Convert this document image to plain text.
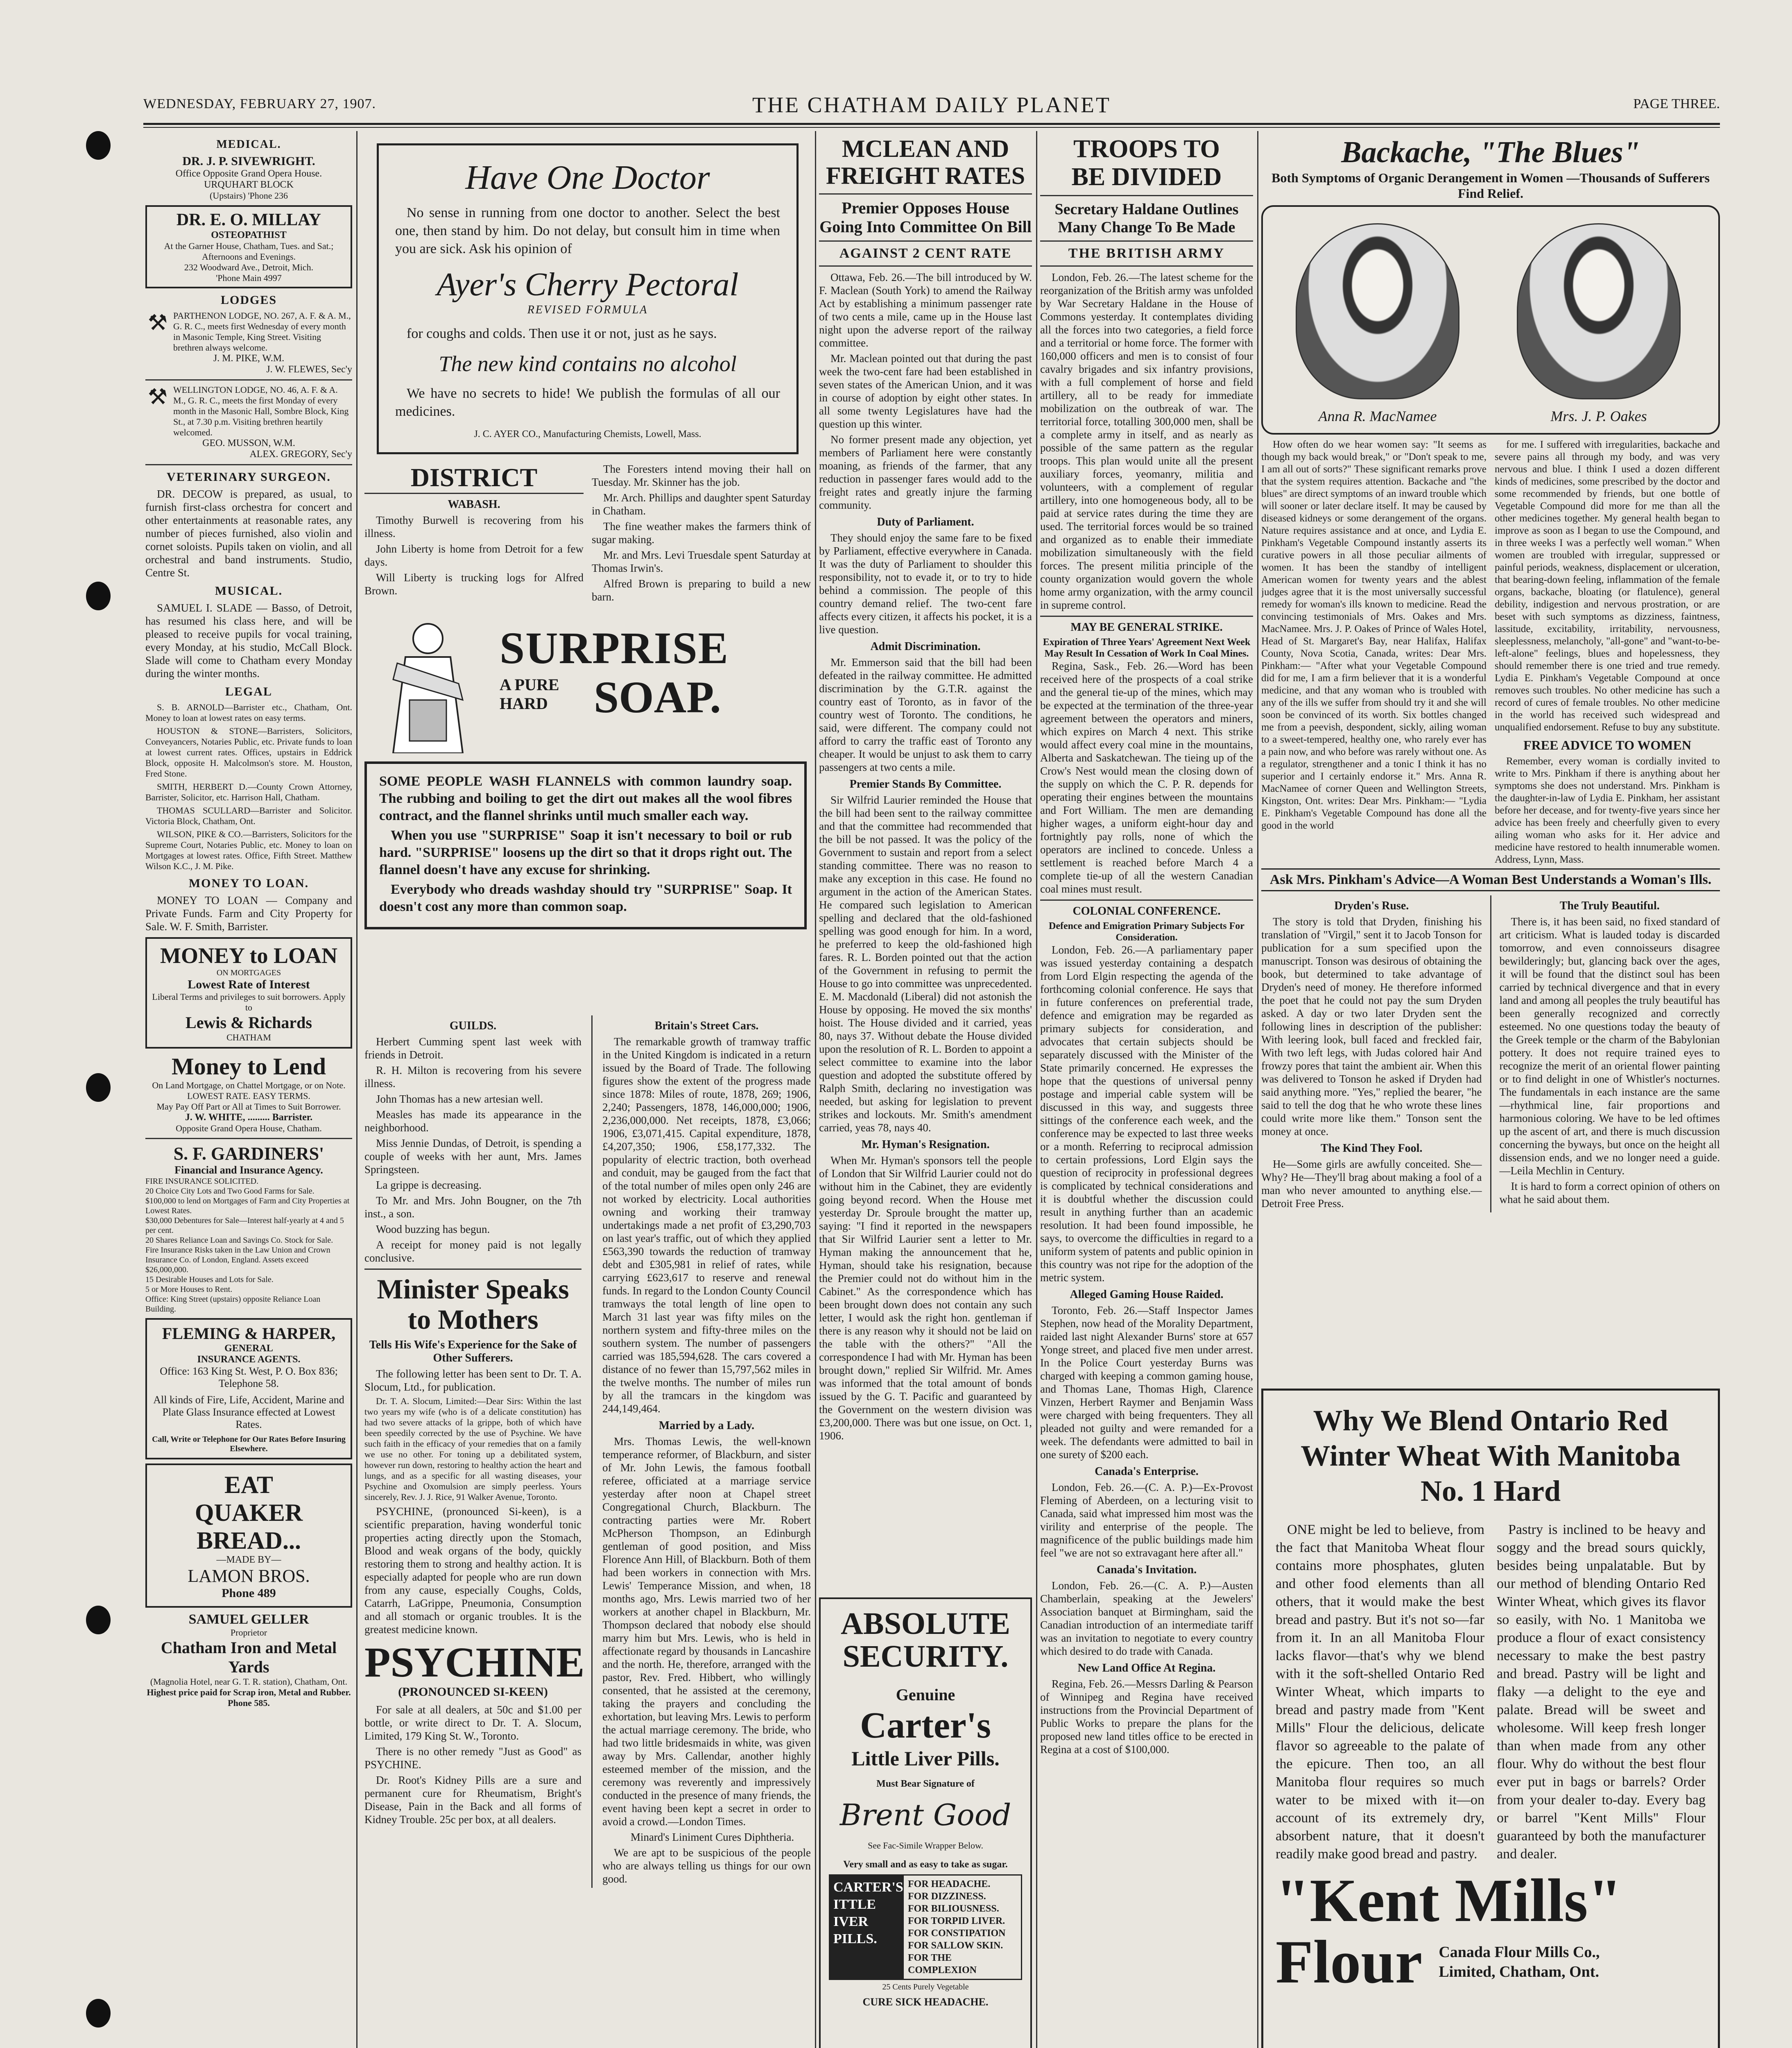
WEDNESDAY, FEBRUARY 27, 1907.	THE CHATHAM DAILY PLANET	PAGE THREE.
MEDICAL.
DR. J. P. SIVEWRIGHT.
Office Opposite Grand Opera House.
URQUHART BLOCK
(Upstairs) 'Phone 236
DR. E. O. MILLAY
OSTEOPATHIST
At the Garner House, Chatham, Tues. and Sat.; Afternoons and Evenings.
232 Woodward Ave., Detroit, Mich.
'Phone Main 4997
LODGES
⚒ PARTHENON LODGE, NO. 267, A. F. & A. M., G. R. C., meets first Wednesday of every month in Masonic Temple, King Street. Visiting brethren always welcome.
J. M. PIKE, W.M.
J. W. FLEWES, Sec'y
⚒ WELLINGTON LODGE, NO. 46, A. F. & A. M., G. R. C., meets the first Monday of every month in the Masonic Hall, Sombre Block, King St., at 7.30 p.m. Visiting brethren heartily welcomed.
GEO. MUSSON, W.M.
ALEX. GREGORY, Sec'y
VETERINARY SURGEON.

DR. DECOW is prepared, as usual, to furnish first-class orchestra for concert and other entertainments at reasonable rates, any number of pieces furnished, also violin and cornet soloists. Pupils taken on violin, and all orchestral and band instruments. Studio, Centre St.

MUSICAL.

SAMUEL I. SLADE — Basso, of Detroit, has resumed his class here, and will be pleased to receive pupils for vocal training, every Monday, at his studio, McCall Block. Slade will come to Chatham every Monday during the winter months.

LEGAL

S. B. ARNOLD—Barrister etc., Chatham, Ont. Money to loan at lowest rates on easy terms.

HOUSTON & STONE—Barristers, Solicitors, Conveyancers, Notaries Public, etc. Private funds to loan at lowest current rates. Offices, upstairs in Eddrick Block, opposite H. Malcolmson's store. M. Houston, Fred Stone.

SMITH, HERBERT D.—County Crown Attorney, Barrister, Solicitor, etc. Harrison Hall, Chatham.

THOMAS SCULLARD—Barrister and Solicitor. Victoria Block, Chatham, Ont.

WILSON, PIKE & CO.—Barristers, Solicitors for the Supreme Court, Notaries Public, etc. Money to loan on Mortgages at lowest rates. Office, Fifth Street. Matthew Wilson K.C., J. M. Pike.

MONEY TO LOAN.

MONEY TO LOAN — Company and Private Funds. Farm and City Property for Sale. W. F. Smith, Barrister.

MONEY to LOAN
ON MORTGAGES
Lowest Rate of Interest
Liberal Terms and privileges to suit borrowers. Apply to
Lewis & Richards
CHATHAM
Money to Lend
On Land Mortgage, on Chattel Mortgage, or on Note.
LOWEST RATE. EASY TERMS.
May Pay Off Part or All at Times to Suit Borrower.
J. W. WHITE, ......... Barrister.
Opposite Grand Opera House, Chatham.
S. F. GARDINERS'
Financial and Insurance Agency.
FIRE INSURANCE SOLICITED.
20 Choice City Lots and Two Good Farms for Sale.
$100,000 to lend on Mortgages of Farm and City Properties at Lowest Rates.
$30,000 Debentures for Sale—Interest half-yearly at 4 and 5 per cent.
20 Shares Reliance Loan and Savings Co. Stock for Sale.
Fire Insurance Risks taken in the Law Union and Crown Insurance Co. of London, England. Assets exceed $26,000,000.
15 Desirable Houses and Lots for Sale.
5 or More Houses to Rent.
Office: King Street (upstairs) opposite Reliance Loan Building.
FLEMING & HARPER,
GENERAL
INSURANCE AGENTS.
Office: 163 King St. West, P. O. Box 836; Telephone 58.
All kinds of Fire, Life, Accident, Marine and Plate Glass Insurance effected at Lowest Rates.
Call, Write or Telephone for Our Rates Before Insuring Elsewhere.
EAT
QUAKER
BREAD...
—MADE BY—
LAMON BROS.
Phone 489
SAMUEL GELLER
Proprietor
Chatham Iron and Metal Yards
(Magnolia Hotel, near G. T. R. station), Chatham, Ont.
Highest price paid for Scrap iron, Metal and Rubber. Phone 585.
Have One Doctor

No sense in running from one doctor to another. Select the best one, then stand by him. Do not delay, but consult him in time when you are sick. Ask his opinion of

Ayer's Cherry Pectoral
REVISED FORMULA

for coughs and colds. Then use it or not, just as he says.

The new kind contains no alcohol

We have no secrets to hide! We publish the formulas of all our medicines.

J. C. AYER CO., Manufacturing Chemists, Lowell, Mass.
DISTRICT
WABASH.

Timothy Burwell is recovering from his illness.

John Liberty is home from Detroit for a few days.

Will Liberty is trucking logs for Alfred Brown.

The Foresters intend moving their hall on Tuesday. Mr. Skinner has the job.

Mr. Arch. Phillips and daughter spent Saturday in Chatham.

The fine weather makes the farmers think of sugar making.

Mr. and Mrs. Levi Truesdale spent Saturday at Thomas Irwin's.

Alfred Brown is preparing to build a new barn.

SURPRISE
A PURE
HARD SOAP.

SOME PEOPLE WASH FLANNELS with common laundry soap. The rubbing and boiling to get the dirt out makes all the wool fibres contract, and the flannel shrinks until much smaller each way.

When you use "SURPRISE" Soap it isn't necessary to boil or rub hard. "SURPRISE" loosens up the dirt so that it drops right out. The flannel doesn't have any excuse for shrinking.

Everybody who dreads washday should try "SURPRISE" Soap. It doesn't cost any more than common soap.

GUILDS.

Herbert Cumming spent last week with friends in Detroit.

R. H. Milton is recovering from his severe illness.

John Thomas has a new artesian well.

Measles has made its appearance in the neighborhood.

Miss Jennie Dundas, of Detroit, is spending a couple of weeks with her aunt, Mrs. James Springsteen.

La grippe is decreasing.

To Mr. and Mrs. John Bougner, on the 7th inst., a son.

Wood buzzing has begun.

A receipt for money paid is not legally conclusive.

Minister Speaks to Mothers
Tells His Wife's Experience for the Sake of Other Sufferers.

The following letter has been sent to Dr. T. A. Slocum, Ltd., for publication.

Dr. T. A. Slocum, Limited:—Dear Sirs: Within the last two years my wife (who is of a delicate constitution) has had two severe attacks of la grippe, both of which have been speedily corrected by the use of Psychine. We have such faith in the efficacy of your remedies that on a family we use no other. For toning up a debilitated system, however run down, restoring to healthy action the heart and lungs, and as a specific for all wasting diseases, your Psychine and Oxomulsion are simply peerless. Yours sincerely, Rev. J. J. Rice, 91 Walker Avenue, Toronto.

PSYCHINE, (pronounced Si-keen), is a scientific preparation, having wonderful tonic properties acting directly upon the Stomach, Blood and weak organs of the body, quickly restoring them to strong and healthy action. It is especially adapted for people who are run down from any cause, especially Coughs, Colds, Catarrh, LaGrippe, Pneumonia, Consumption and all stomach or organic troubles. It is the greatest medicine known.

PSYCHINE
(PRONOUNCED SI-KEEN)

For sale at all dealers, at 50c and $1.00 per bottle, or write direct to Dr. T. A. Slocum, Limited, 179 King St. W., Toronto.

There is no other remedy "Just as Good" as PSYCHINE.

Dr. Root's Kidney Pills are a sure and permanent cure for Rheumatism, Bright's Disease, Pain in the Back and all forms of Kidney Trouble. 25c per box, at all dealers.

Britain's Street Cars.

The remarkable growth of tramway traffic in the United Kingdom is indicated in a return issued by the Board of Trade. The following figures show the extent of the progress made since 1878: Miles of route, 1878, 269; 1906, 2,240; Passengers, 1878, 146,000,000; 1906, 2,236,000,000. Net receipts, 1878, £3,066; 1906, £3,071,415. Capital expenditure, 1878, £4,207,350; 1906, £58,177,332. The popularity of electric traction, both overhead and conduit, may be gauged from the fact that of the total number of miles open only 246 are not worked by electricity. Local authorities owning and working their tramway undertakings made a net profit of £3,290,703 on last year's traffic, out of which they applied £563,390 towards the reduction of tramway debt and £305,981 in relief of rates, while carrying £623,617 to reserve and renewal funds. In regard to the London County Council tramways the total length of line open to March 31 last year was fifty miles on the northern system and fifty-three miles on the southern system. The number of passengers carried was 185,594,628. The cars covered a distance of no fewer than 15,797,562 miles in the twelve months. The number of miles run by all the tramcars in the kingdom was 244,149,464.

Married by a Lady.

Mrs. Thomas Lewis, the well-known temperance reformer, of Blackburn, and sister of Mr. John Lewis, the famous football referee, officiated at a marriage service yesterday after noon at Chapel street Congregational Church, Blackburn. The contracting parties were Mr. Robert McPherson Thompson, an Edinburgh gentleman of good position, and Miss Florence Ann Hill, of Blackburn. Both of them had been workers in connection with Mrs. Lewis' Temperance Mission, and when, 18 months ago, Mrs. Lewis married two of her workers at another chapel in Blackburn, Mr. Thompson declared that nobody else should marry him but Mrs. Lewis, who is held in affectionate regard by thousands in Lancashire and the north. He, therefore, arranged with the pastor, Rev. Fred. Hibbert, who willingly consented, that he assisted at the ceremony, taking the prayers and concluding the exhortation, but leaving Mrs. Lewis to perform the actual marriage ceremony. The bride, who had two little bridesmaids in white, was given away by Mrs. Callendar, another highly esteemed member of the mission, and the ceremony was reverently and impressively conducted in the presence of many friends, the event having been kept a secret in order to avoid a crowd.—London Times.

Minard's Liniment Cures Diphtheria.

We are apt to be suspicious of the people who are always telling us things for our own good.

MCLEAN AND
FREIGHT RATES
Premier Opposes House Going Into Committee On Bill
AGAINST 2 CENT RATE

Ottawa, Feb. 26.—The bill introduced by W. F. Maclean (South York) to amend the Railway Act by establishing a minimum passenger rate of two cents a mile, came up in the House last night upon the adverse report of the railway committee.

Mr. Maclean pointed out that during the past week the two-cent fare had been established in seven states of the American Union, and it was in course of adoption by eight other states. In all some twenty Legislatures have had the question up this winter.

No former present made any objection, yet members of Parliament here were constantly moaning, as friends of the farmer, that any reduction in passenger fares would add to the freight rates and greatly injure the farming community.

Duty of Parliament.

They should enjoy the same fare to be fixed by Parliament, effective everywhere in Canada. It was the duty of Parliament to shoulder this responsibility, not to evade it, or to try to hide behind a commission. The people of this country demand relief. The two-cent fare affects every citizen, it affects his pocket, it is a live question.

Admit Discrimination.

Mr. Emmerson said that the bill had been defeated in the railway committee. He admitted discrimination by the G.T.R. against the country east of Toronto, as in favor of the country west of Toronto. The conditions, he said, were different. The company could not afford to carry the traffic east of Toronto any cheaper. It would be unjust to ask them to carry passengers at two cents a mile.

Premier Stands By Committee.

Sir Wilfrid Laurier reminded the House that the bill had been sent to the railway committee and that the committee had recommended that the bill be not passed. It was the policy of the Government to sustain and report from a select standing committee. There was no reason to make any exception in this case. He found no argument in the action of the American States. He compared such legislation to American spelling and declared that the old-fashioned spelling was good enough for him. In a word, he preferred to keep the old-fashioned high fares. R. L. Borden pointed out that the action of the Government in refusing to permit the House to go into committee was unprecedented. E. M. Macdonald (Liberal) did not astonish the House by opposing. He moved the six months' hoist. The House divided and it carried, yeas 80, nays 37. Without debate the House divided upon the resolution of R. L. Borden to appoint a select committee to examine into the labor question and adopted the substitute offered by Ralph Smith, declaring no investigation was needed, but asking for legislation to prevent strikes and lockouts. Mr. Smith's amendment carried, yeas 78, nays 40.

Mr. Hyman's Resignation.

When Mr. Hyman's sponsors tell the people of London that Sir Wilfrid Laurier could not do without him in the Cabinet, they are evidently going beyond record. When the House met yesterday Dr. Sproule brought the matter up, saying: "I find it reported in the newspapers that Sir Wilfrid Laurier sent a letter to Mr. Hyman making the announcement that he, Hyman, should take his resignation, because the Premier could not do without him in the Cabinet." As the correspondence which has been brought down does not contain any such letter, I would ask the right hon. gentleman if there is any reason why it should not be laid on the table with the others?" "All the correspondence I had with Mr. Hyman has been brought down," replied Sir Wilfrid. Mr. Ames was informed that the total amount of bonds issued by the G. T. Pacific and guaranteed by the Government on the western division was £3,200,000. There was but one issue, on Oct. 1, 1906.

ABSOLUTE
SECURITY.
Genuine
Carter's
Little Liver Pills.
Must Bear Signature of
Brent Good
See Fac-Simile Wrapper Below.
Very small and as easy to take as sugar.
CARTER'S
ITTLE
IVER
PILLS.
FOR HEADACHE.
FOR DIZZINESS.
FOR BILIOUSNESS.
FOR TORPID LIVER.
FOR CONSTIPATION
FOR SALLOW SKIN.
FOR THE COMPLEXION
25 Cents Purely Vegetable
CURE SICK HEADACHE.
TROOPS TO
BE DIVIDED
Secretary Haldane Outlines Many Change To Be Made
THE BRITISH ARMY

London, Feb. 26.—The latest scheme for the reorganization of the British army was unfolded by War Secretary Haldane in the House of Commons yesterday. It contemplates dividing all the forces into two categories, a field force and a territorial or home force. The former with 160,000 officers and men is to consist of four cavalry brigades and six infantry provisions, with a full complement of horse and field artillery, all to be ready for immediate mobilization on the outbreak of war. The territorial force, totalling 300,000 men, shall be a complete army in itself, and as nearly as possible of the same pattern as the regular troops. This plan would unite all the present auxiliary forces, yeomanry, militia and volunteers, with a complement of regular artillery, into one homogeneous body, all to be paid at service rates during the time they are used. The territorial forces would be so trained and organized as to enable their immediate mobilization simultaneously with the field forces. The present militia principle of the county organization would govern the whole home army organization, with the army council in supreme control.

MAY BE GENERAL STRIKE.
Expiration of Three Years' Agreement Next Week May Result In Cessation of Work In Coal Mines.

Regina, Sask., Feb. 26.—Word has been received here of the prospects of a coal strike and the general tie-up of the mines, which may be expected at the termination of the three-year agreement between the operators and miners, which expires on March 4 next. This strike would affect every coal mine in the mountains, Alberta and Saskatchewan. The tieing up of the Crow's Nest would mean the closing down of the supply on which the C. P. R. depends for operating their engines between the mountains and Fort William. The men are demanding higher wages, a uniform eight-hour day and fortnightly pay rolls, none of which the operators are inclined to concede. Unless a settlement is reached before March 4 a complete tie-up of all the western Canadian coal mines must result.

COLONIAL CONFERENCE.
Defence and Emigration Primary Subjects For Consideration.

London, Feb. 26.—A parliamentary paper was issued yesterday containing a despatch from Lord Elgin respecting the agenda of the forthcoming colonial conference. He says that in future conferences on preferential trade, defence and emigration may be regarded as primary subjects for consideration, and advocates that certain subjects should be separately discussed with the Minister of the State primarily concerned. He expresses the hope that the questions of universal penny postage and imperial cable system will be discussed in this way, and suggests three sittings of the conference each week, and the conference may be expected to last three weeks or a month. Referring to reciprocal admission to certain professions, Lord Elgin says the question of reciprocity in professional degrees is complicated by technical considerations and it is doubtful whether the discussion could result in anything further than an academic resolution. It had been found impossible, he says, to overcome the difficulties in regard to a uniform system of patents and public opinion in this country was not ripe for the adoption of the metric system.

Alleged Gaming House Raided.

Toronto, Feb. 26.—Staff Inspector James Stephen, now head of the Morality Department, raided last night Alexander Burns' store at 657 Yonge street, and placed five men under arrest. In the Police Court yesterday Burns was charged with keeping a common gaming house, and Thomas Lane, Thomas High, Clarence Vinzen, Herbert Raymer and Benjamin Wass were charged with being frequenters. They all pleaded not guilty and were remanded for a week. The defendants were admitted to bail in one surety of $200 each.

Canada's Enterprise.

London, Feb. 26.—(C. A. P.)—Ex-Provost Fleming of Aberdeen, on a lecturing visit to Canada, said what impressed him most was the virility and enterprise of the people. The magnificence of the public buildings made him feel "we are not so extravagant here after all."

Canada's Invitation.

London, Feb. 26.—(C. A. P.)—Austen Chamberlain, speaking at the Jewelers' Association banquet at Birmingham, said the Canadian introduction of an intermediate tariff was an invitation to negotiate to every country which desired to do trade with Canada.

New Land Office At Regina.

Regina, Feb. 26.—Messrs Darling & Pearson of Winnipeg and Regina have received instructions from the Provincial Department of Public Works to prepare the plans for the proposed new land titles office to be erected in Regina at a cost of $100,000.

Backache, "The Blues"
Both Symptoms of Organic Derangement in Women —Thousands of Sufferers Find Relief.
Anna R. MacNamee	Mrs. J. P. Oakes

How often do we hear women say: "It seems as though my back would break," or "Don't speak to me, I am all out of sorts?" These significant remarks prove that the system requires attention. Backache and "the blues" are direct symptoms of an inward trouble which will sooner or later declare itself. It may be caused by diseased kidneys or some derangement of the organs. Nature requires assistance and at once, and Lydia E. Pinkham's Vegetable Compound instantly asserts its curative powers in all those peculiar ailments of women. It has been the standby of intelligent American women for twenty years and the ablest judges agree that it is the most universally successful remedy for woman's ills known to medicine. Read the convincing testimonials of Mrs. Oakes and Mrs. MacNamee. Mrs. J. P. Oakes of Prince of Wales Hotel, Head of St. Margaret's Bay, near Halifax, Halifax County, Nova Scotia, Canada, writes: Dear Mrs. Pinkham:— "After what your Vegetable Compound did for me, I am a firm believer that it is a wonderful medicine, and that any woman who is troubled with any of the ills we suffer from should try it and she will soon be convinced of its worth. Six bottles changed me from a peevish, despondent, sickly, ailing woman to a sweet-tempered, healthy one, who rarely ever has a pain now, and who before was rarely without one. As a regulator, strengthener and a tonic I think it has no superior and I certainly endorse it." Mrs. Anna R. MacNamee of corner Queen and Wellington Streets, Kingston, Ont. writes: Dear Mrs. Pinkham:— "Lydia E. Pinkham's Vegetable Compound has done all the good in the world

for me. I suffered with irregularities, backache and severe pains all through my body, and was very nervous and blue. I think I used a dozen different kinds of medicines, some prescribed by the doctor and some recommended by friends, but one bottle of Vegetable Compound did more for me than all the other medicines together. My general health began to improve as soon as I began to use the Compound, and in three weeks I was a perfectly well woman." When women are troubled with irregular, suppressed or painful periods, weakness, displacement or ulceration, that bearing-down feeling, inflammation of the female organs, backache, bloating (or flatulence), general debility, indigestion and nervous prostration, or are beset with such symptoms as dizziness, faintness, lassitude, excitability, irritability, nervousness, sleeplessness, melancholy, "all-gone" and "want-to-be-left-alone" feelings, blues and hopelessness, they should remember there is one tried and true remedy. Lydia E. Pinkham's Vegetable Compound at once removes such troubles. No other medicine has such a record of cures of female troubles. No other medicine in the world has received such widespread and unqualified endorsement. Refuse to buy any substitute.

FREE ADVICE TO WOMEN

Remember, every woman is cordially invited to write to Mrs. Pinkham if there is anything about her symptoms she does not understand. Mrs. Pinkham is the daughter-in-law of Lydia E. Pinkham, her assistant before her decease, and for twenty-five years since her advice has been freely and cheerfully given to every ailing woman who asks for it. Her advice and medicine have restored to health innumerable women. Address, Lynn, Mass.

Ask Mrs. Pinkham's Advice—A Woman Best Understands a Woman's Ills.
Dryden's Ruse.

The story is told that Dryden, finishing his translation of "Virgil," sent it to Jacob Tonson for publication for a sum specified upon the manuscript. Tonson was desirous of obtaining the book, but determined to take advantage of Dryden's need of money. He therefore informed the poet that he could not pay the sum Dryden asked. A day or two later Dryden sent the following lines in description of the publisher: With leering look, bull faced and freckled fair, With two left legs, with Judas colored hair And frowzy pores that taint the ambient air. When this was delivered to Tonson he asked if Dryden had said anything more. "Yes," replied the bearer, "he said to tell the dog that he who wrote these lines could write more like them." Tonson sent the money at once.

The Kind They Fool.

He—Some girls are awfully conceited. She—Why? He—They'll brag about making a fool of a man who never amounted to anything else.—Detroit Free Press.

The Truly Beautiful.

There is, it has been said, no fixed standard of art criticism. What is lauded today is discarded tomorrow, and even connoisseurs disagree bewilderingly; but, glancing back over the ages, it will be found that the distinct soul has been carried by technical divergence and that in every land and among all peoples the truly beautiful has been generally recognized and correctly esteemed. No one questions today the beauty of the Greek temple or the charm of the Babylonian pottery. It does not require trained eyes to recognize the merit of an oriental flower painting or to find delight in one of Whistler's nocturnes. The fundamentals in each instance are the same—rhythmical line, fair proportions and harmonious coloring. We have to be led oftimes up the ascent of art, and there is much discussion concerning the byways, but once on the height all dissension ends, and we no longer need a guide.—Leila Mechlin in Century.

It is hard to form a correct opinion of others on what he said about them.

Why We Blend Ontario Red Winter Wheat With Manitoba No. 1 Hard

ONE might be led to believe, from the fact that Manitoba Wheat flour contains more phosphates, gluten and other food elements than all others, that it would make the best bread and pastry. But it's not so—far from it. In an all Manitoba Flour lacks flavor—that's why we blend with it the soft-shelled Ontario Red Winter Wheat, which imparts to bread and pastry made from "Kent Mills" Flour the delicious, delicate flavor so agreeable to the palate of the epicure. Then too, an all Manitoba flour requires so much water to be mixed with it—on account of its extremely dry, absorbent nature, that it doesn't readily make good bread and pastry.

Pastry is inclined to be heavy and soggy and the bread sours quickly, besides being unpalatable. But by our method of blending Ontario Red Winter Wheat, which gives its flavor so easily, with No. 1 Manitoba we produce a flour of exact consistency necessary to make the best pastry and bread. Pastry will be light and flaky —a delight to the eye and palate. Bread will be sweet and wholesome. Will keep fresh longer than when made from any other flour. Why do without the best flour ever put in bags or barrels? Order from your dealer to-day. Every bag or barrel "Kent Mills" Flour guaranteed by both the manufacturer and dealer.

"Kent Mills"
Flour Canada Flour Mills Co., Limited, Chatham, Ont.
